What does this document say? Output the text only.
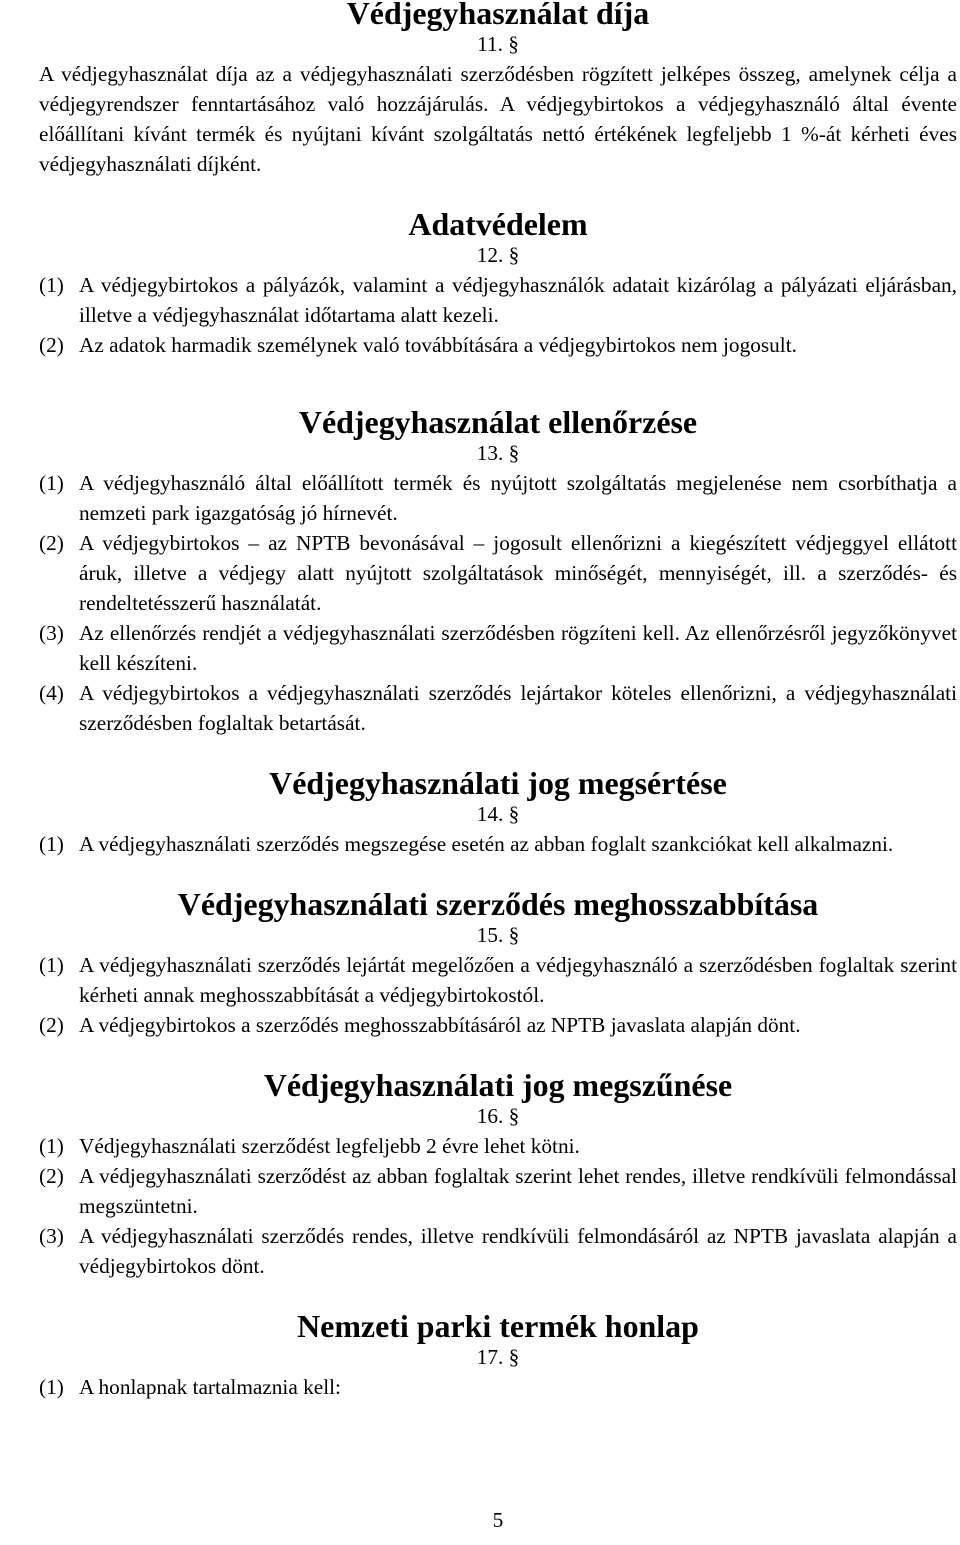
Védjegyhasználat díja

11. §

A védjegyhasználat díja az a védjegyhasználati szerződésben rögzített jelképes összeg, amelynek célja a védjegyrendszer fenntartásához való hozzájárulás. A védjegybirtokos a védjegyhasználó által évente előállítani kívánt termék és nyújtani kívánt szolgáltatás nettó értékének legfeljebb 1 %-át kérheti éves védjegyhasználati díjként.

Adatvédelem

12. §

(1) A védjegybirtokos a pályázók, valamint a védjegyhasználók adatait kizárólag a pályázati eljárásban, illetve a védjegyhasználat időtartama alatt kezeli.
(2) Az adatok harmadik személynek való továbbítására a védjegybirtokos nem jogosult.
Védjegyhasználat ellenőrzése

13. §

(1) A védjegyhasználó által előállított termék és nyújtott szolgáltatás megjelenése nem csorbíthatja a nemzeti park igazgatóság jó hírnevét.
(2) A védjegybirtokos – az NPTB bevonásával – jogosult ellenőrizni a kiegészített védjeggyel ellátott áruk, illetve a védjegy alatt nyújtott szolgáltatások minőségét, mennyiségét, ill. a szerződés- és rendeltetésszerű használatát.
(3) Az ellenőrzés rendjét a védjegyhasználati szerződésben rögzíteni kell. Az ellenőrzésről jegyzőkönyvet kell készíteni.
(4) A védjegybirtokos a védjegyhasználati szerződés lejártakor köteles ellenőrizni, a védjegyhasználati szerződésben foglaltak betartását.
Védjegyhasználati jog megsértése

14. §

(1) A védjegyhasználati szerződés megszegése esetén az abban foglalt szankciókat kell alkalmazni.
Védjegyhasználati szerződés meghosszabbítása

15. §

(1) A védjegyhasználati szerződés lejártát megelőzően a védjegyhasználó a szerződésben foglaltak szerint kérheti annak meghosszabbítását a védjegybirtokostól.
(2) A védjegybirtokos a szerződés meghosszabbításáról az NPTB javaslata alapján dönt.
Védjegyhasználati jog megszűnése

16. §

(1) Védjegyhasználati szerződést legfeljebb 2 évre lehet kötni.
(2) A védjegyhasználati szerződést az abban foglaltak szerint lehet rendes, illetve rendkívüli felmondással megszüntetni.
(3) A védjegyhasználati szerződés rendes, illetve rendkívüli felmondásáról az NPTB javaslata alapján a védjegybirtokos dönt.
Nemzeti parki termék honlap

17. §

(1) A honlapnak tartalmaznia kell:
5
